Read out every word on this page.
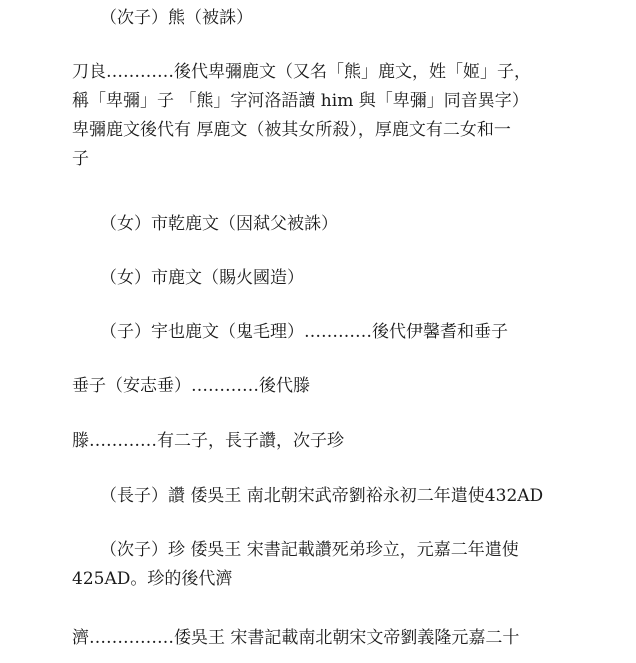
（次子）熊（被誅）

刀良…………後代卑彌鹿文（又名「熊」鹿文，姓「姬」子，
稱「卑彌」子 「熊」字河洛語讀 him 與「卑彌」同音異字）
卑彌鹿文後代有 厚鹿文（被其女所殺），厚鹿文有二女和一
子

（女）市乾鹿文（因弒父被誅）

（女）市鹿文（賜火國造）

（子）宇也鹿文（鬼毛理）…………後代伊馨耆和垂子

垂子（安志垂）…………後代滕

滕…………有二子，長子讚，次子珍

（長子）讚 倭吳王 南北朝宋武帝劉裕永初二年遣使432AD

（次子）珍 倭吳王 宋書記載讚死弟珍立，元嘉二年遣使
425AD。珍的後代濟

濟……………倭吳王 宋書記載南北朝宋文帝劉義隆元嘉二十
